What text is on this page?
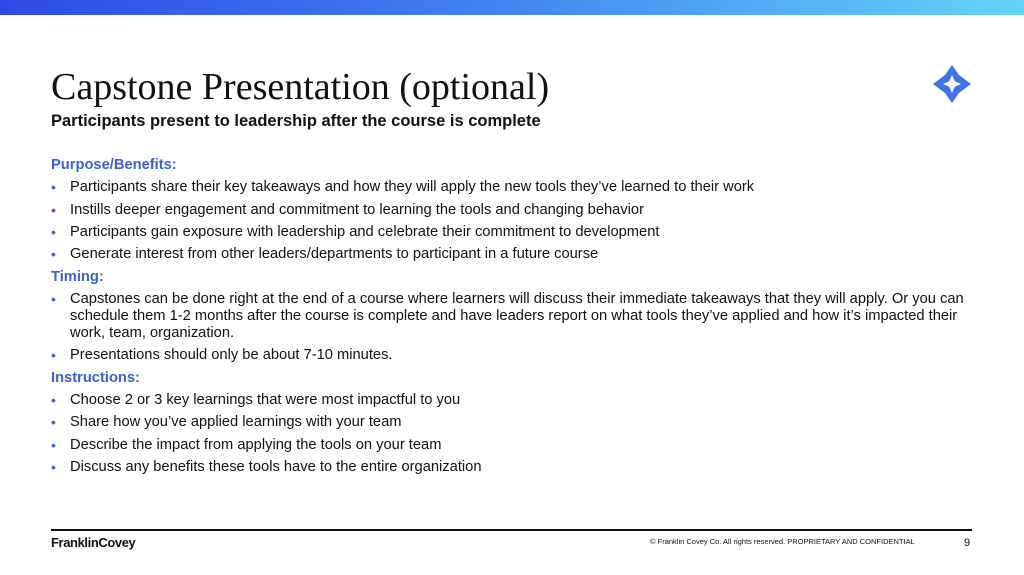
Capstone Presentation (optional)
Participants present to leadership after the course is complete
Purpose/Benefits:
• Participants share their key takeaways and how they will apply the new tools they’ve learned to their work
• Instills deeper engagement and commitment to learning the tools and changing behavior
• Participants gain exposure with leadership and celebrate their commitment to development
• Generate interest from other leaders/departments to participant in a future course
Timing:
• Capstones can be done right at the end of a course where learners will discuss their immediate takeaways that they will apply. Or you can schedule them 1-2 months after the course is complete and have leaders report on what tools they’ve applied and how it’s impacted their work, team, organization.
• Presentations should only be about 7-10 minutes.
Instructions:
• Choose 2 or 3 key learnings that were most impactful to you
• Share how you’ve applied learnings with your team
• Describe the impact from applying the tools on your team
• Discuss any benefits these tools have to the entire organization
FranklinCovey	© Franklin Covey Co. All rights reserved. PROPRIETARY AND CONFIDENTIAL	9
